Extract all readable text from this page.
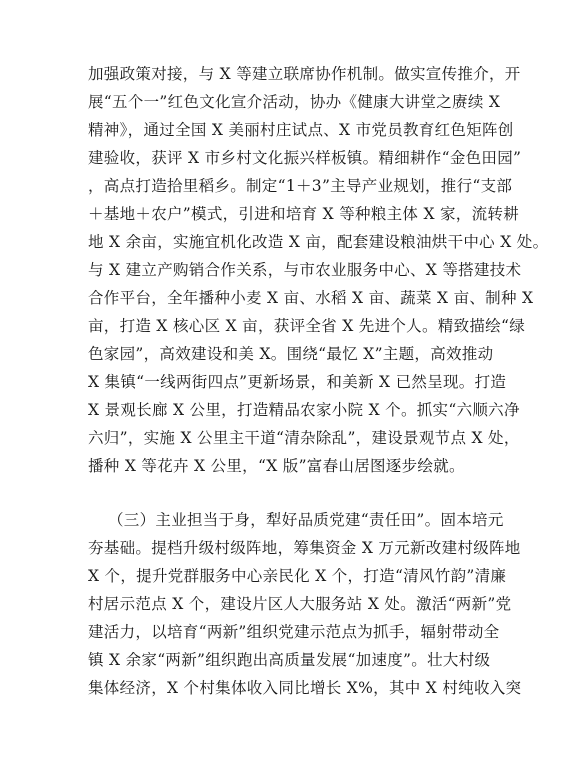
加强政策对接，与 X 等建立联席协作机制。做实宣传推介，开
展“五个一”红色文化宣介活动，协办《健康大讲堂之赓续 X
精神》，通过全国 X 美丽村庄试点、X 市党员教育红色矩阵创
建验收，获评 X 市乡村文化振兴样板镇。精细耕作“金色田园”
，高点打造拾里稻乡。制定“1＋3”主导产业规划，推行“支部
＋基地＋农户”模式，引进和培育 X 等种粮主体 X 家，流转耕
地 X 余亩，实施宜机化改造 X 亩，配套建设粮油烘干中心 X 处。
与 X 建立产购销合作关系，与市农业服务中心、X 等搭建技术
合作平台，全年播种小麦 X 亩、水稻 X 亩、蔬菜 X 亩、制种 X
亩，打造 X 核心区 X 亩，获评全省 X 先进个人。精致描绘“绿
色家园”，高效建设和美 X。围绕“最忆 X”主题，高效推动
X 集镇“一线两街四点”更新场景，和美新 X 已然呈现。打造
X 景观长廊 X 公里，打造精品农家小院 X 个。抓实“六顺六净
六归”，实施 X 公里主干道“清杂除乱”，建设景观节点 X 处，
播种 X 等花卉 X 公里，“X 版”富春山居图逐步绘就。
（三）主业担当于身，犁好品质党建“责任田”。固本培元
夯基础。提档升级村级阵地，筹集资金 X 万元新改建村级阵地
X 个，提升党群服务中心亲民化 X 个，打造“清风竹韵”清廉
村居示范点 X 个，建设片区人大服务站 X 处。激活“两新”党
建活力，以培育“两新”组织党建示范点为抓手，辐射带动全
镇 X 余家“两新”组织跑出高质量发展“加速度”。壮大村级
集体经济，X 个村集体收入同比增长 X%，其中 X 村纯收入突
